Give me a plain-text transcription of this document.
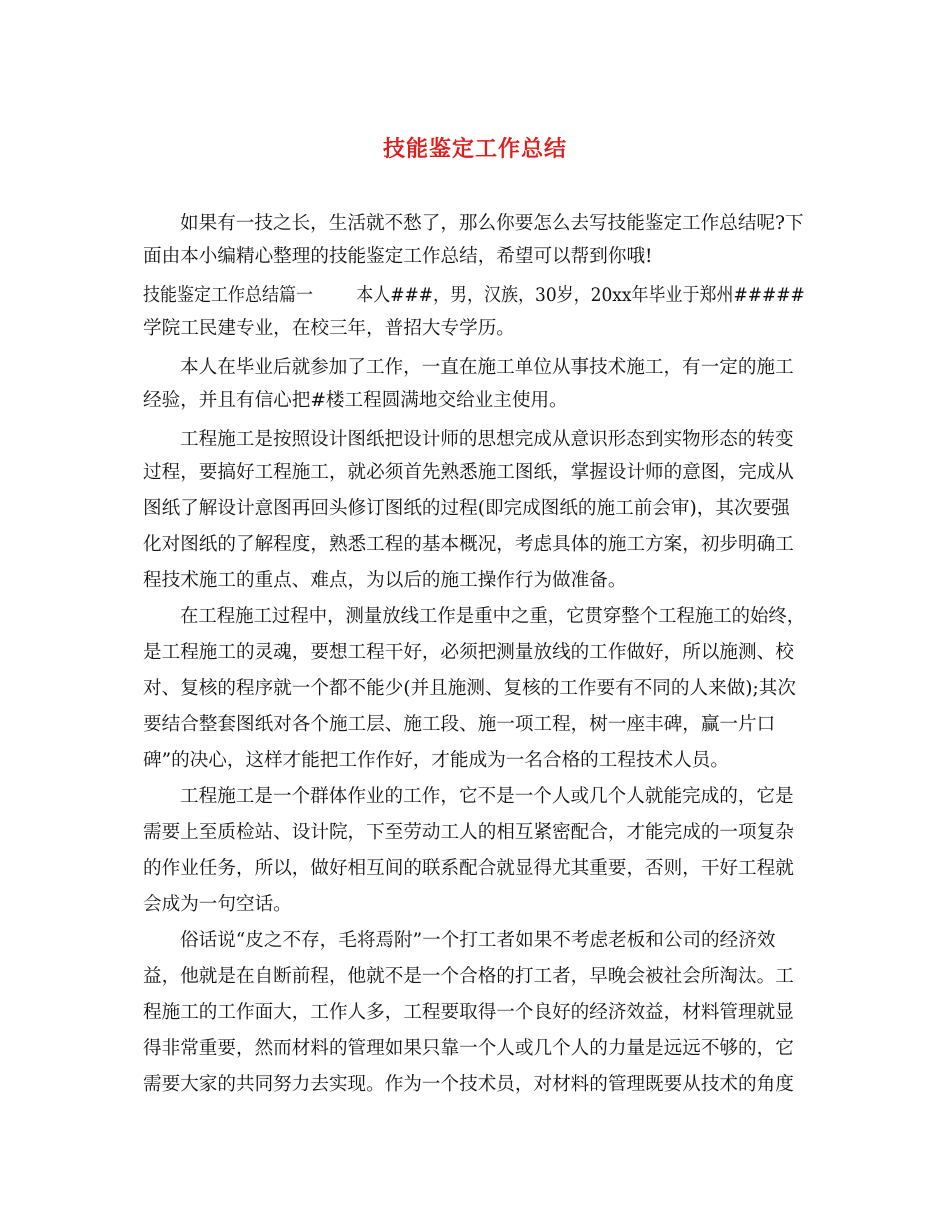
技能鉴定工作总结
如果有一技之长，生活就不愁了，那么你要怎么去写技能鉴定工作总结呢?下
面由本小编精心整理的技能鉴定工作总结，希望可以帮到你哦!
技能鉴定工作总结篇一        本人###，男，汉族，30岁，20xx年毕业于郑州#####
学院工民建专业，在校三年，普招大专学历。
本人在毕业后就参加了工作，一直在施工单位从事技术施工，有一定的施工
经验，并且有信心把#楼工程圆满地交给业主使用。
工程施工是按照设计图纸把设计师的思想完成从意识形态到实物形态的转变
过程，要搞好工程施工，就必须首先熟悉施工图纸，掌握设计师的意图，完成从
图纸了解设计意图再回头修订图纸的过程(即完成图纸的施工前会审)，其次要强
化对图纸的了解程度，熟悉工程的基本概况，考虑具体的施工方案，初步明确工
程技术施工的重点、难点，为以后的施工操作行为做准备。
在工程施工过程中，测量放线工作是重中之重，它贯穿整个工程施工的始终，
是工程施工的灵魂，要想工程干好，必须把测量放线的工作做好，所以施测、校
对、复核的程序就一个都不能少(并且施测、复核的工作要有不同的人来做);其次
要结合整套图纸对各个施工层、施工段、施一项工程，树一座丰碑，赢一片口
碑”的决心，这样才能把工作作好，才能成为一名合格的工程技术人员。
工程施工是一个群体作业的工作，它不是一个人或几个人就能完成的，它是
需要上至质检站、设计院，下至劳动工人的相互紧密配合，才能完成的一项复杂
的作业任务，所以，做好相互间的联系配合就显得尤其重要，否则，干好工程就
会成为一句空话。
俗话说“皮之不存，毛将焉附”一个打工者如果不考虑老板和公司的经济效
益，他就是在自断前程，他就不是一个合格的打工者，早晚会被社会所淘汰。工
程施工的工作面大，工作人多，工程要取得一个良好的经济效益，材料管理就显
得非常重要，然而材料的管理如果只靠一个人或几个人的力量是远远不够的，它
需要大家的共同努力去实现。作为一个技术员，对材料的管理既要从技术的角度
